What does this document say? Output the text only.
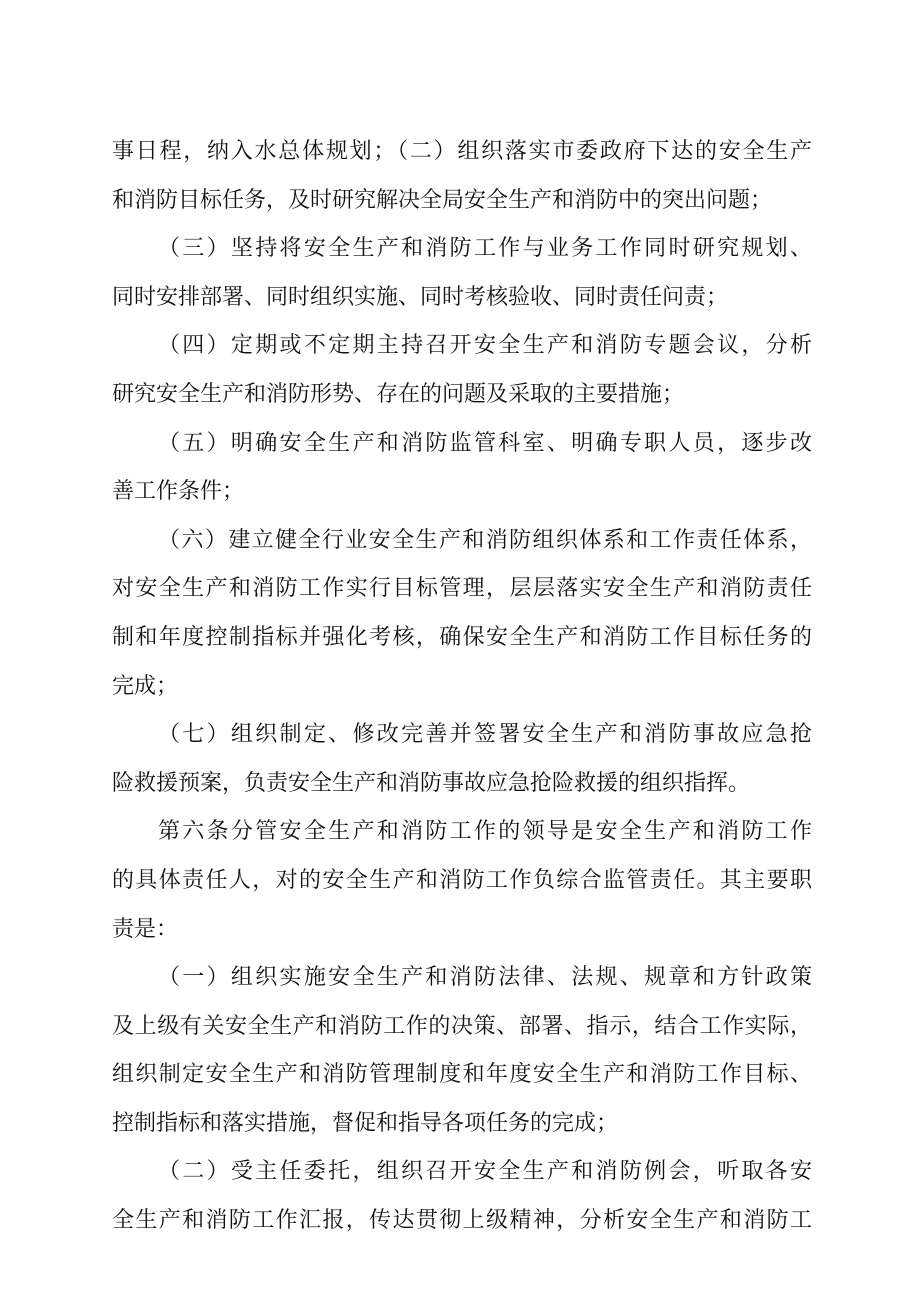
事日程，纳入水总体规划；（二）组织落实市委政府下达的安全生产
和消防目标任务，及时研究解决全局安全生产和消防中的突出问题；
（三）坚持将安全生产和消防工作与业务工作同时研究规划、
同时安排部署、同时组织实施、同时考核验收、同时责任问责；
（四）定期或不定期主持召开安全生产和消防专题会议，分析
研究安全生产和消防形势、存在的问题及采取的主要措施；
（五）明确安全生产和消防监管科室、明确专职人员，逐步改
善工作条件；
（六）建立健全行业安全生产和消防组织体系和工作责任体系，
对安全生产和消防工作实行目标管理，层层落实安全生产和消防责任
制和年度控制指标并强化考核，确保安全生产和消防工作目标任务的
完成；
（七）组织制定、修改完善并签署安全生产和消防事故应急抢
险救援预案，负责安全生产和消防事故应急抢险救援的组织指挥。
第六条分管安全生产和消防工作的领导是安全生产和消防工作
的具体责任人，对的安全生产和消防工作负综合监管责任。其主要职
责是：
（一）组织实施安全生产和消防法律、法规、规章和方针政策
及上级有关安全生产和消防工作的决策、部署、指示，结合工作实际，
组织制定安全生产和消防管理制度和年度安全生产和消防工作目标、
控制指标和落实措施，督促和指导各项任务的完成；
（二）受主任委托，组织召开安全生产和消防例会，听取各安
全生产和消防工作汇报，传达贯彻上级精神，分析安全生产和消防工
